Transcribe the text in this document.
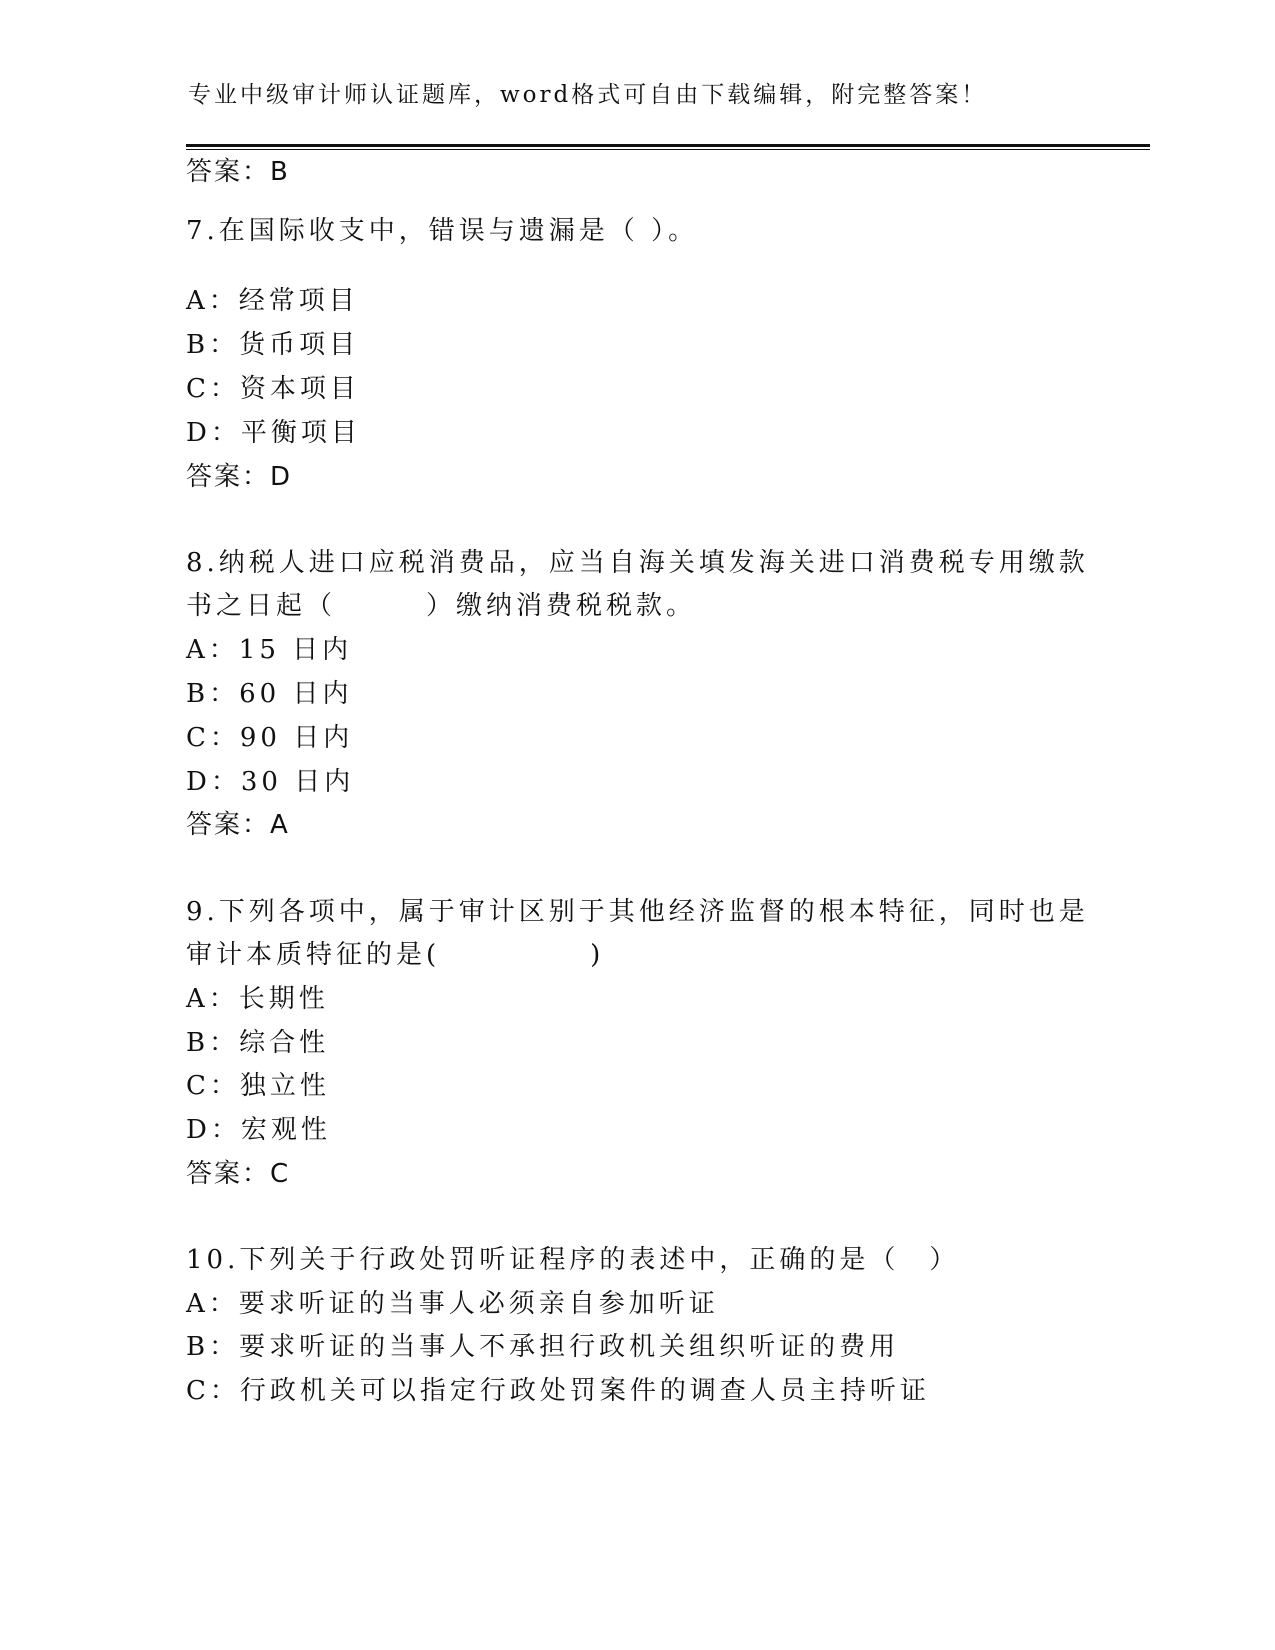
专业中级审计师认证题库，word格式可自由下载编辑，附完整答案！
答案：B
7.在国际收支中，错误与遗漏是（ ）。
A：经常项目
B：货币项目
C：资本项目
D：平衡项目
答案：D
8.纳税人进口应税消费品，应当自海关填发海关进口消费税专用缴款
书之日起（　　　）缴纳消费税税款。
A：15 日内
B：60 日内
C：90 日内
D：30 日内
答案：A
9.下列各项中，属于审计区别于其他经济监督的根本特征，同时也是
审计本质特征的是(　　　　　)
A：长期性
B：综合性
C：独立性
D：宏观性
答案：C
10.下列关于行政处罚听证程序的表述中，正确的是（　）
A：要求听证的当事人必须亲自参加听证
B：要求听证的当事人不承担行政机关组织听证的费用
C：行政机关可以指定行政处罚案件的调查人员主持听证
